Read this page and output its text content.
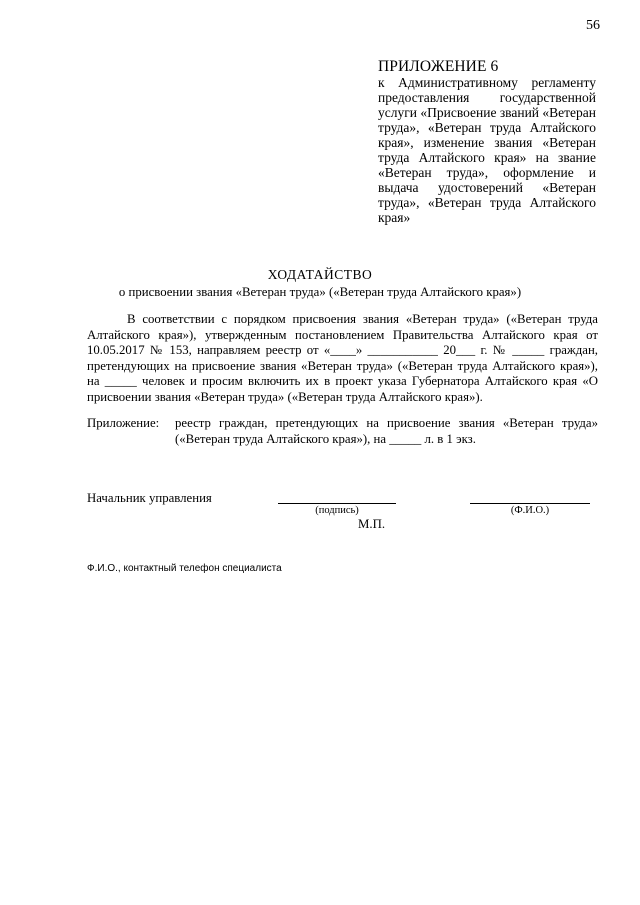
56
ПРИЛОЖЕНИЕ 6
к Административному регламенту предоставления государственной услуги «Присвоение званий «Ветеран труда», «Ветеран труда Алтайского края», изменение звания «Ветеран труда Алтайского края» на звание «Ветеран труда», оформление и выдача удостоверений «Ветеран труда», «Ветеран труда Алтайского края»
ХОДАТАЙСТВО
о присвоении звания «Ветеран труда» («Ветеран труда Алтайского края»)
В соответствии с порядком присвоения звания «Ветеран труда» («Ветеран труда Алтайского края»), утвержденным постановлением Правительства Алтайского края от 10.05.2017 № 153, направляем реестр от «____» ___________ 20___ г. № _____ граждан, претендующих на присвоение звания «Ветеран труда» («Ветеран труда Алтайского края»), на _____ человек и просим включить их в проект указа Губернатора Алтайского края «О присвоении звания «Ветеран труда» («Ветеран труда Алтайского края»).
Приложение: реестр граждан, претендующих на присвоение звания «Ветеран труда» («Ветеран труда Алтайского края»), на _____ л. в 1 экз.
Начальник управления
(подпись)	(Ф.И.О.)
М.П.
Ф.И.О., контактный телефон специалиста
